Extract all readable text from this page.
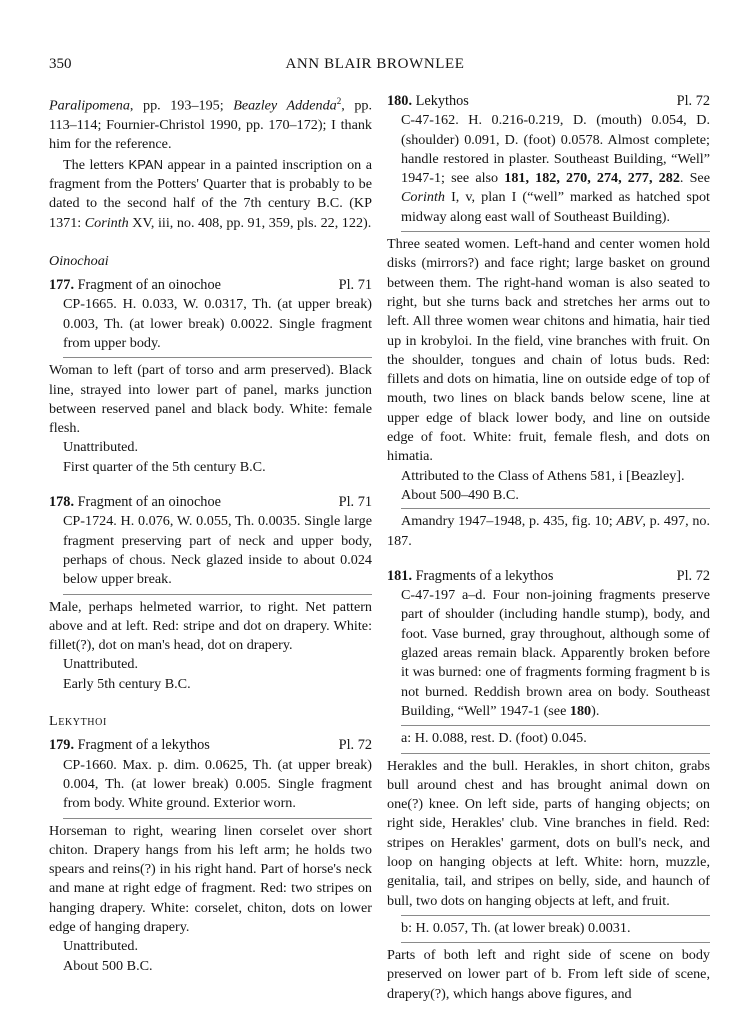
350	ANN BLAIR BROWNLEE

Paralipomena, pp. 193–195; Beazley Addenda$^2$, pp. 113–114; Fournier-Christol 1990, pp. 170–172); I thank him for the reference.

The letters KPAN appear in a painted inscription on a fragment from the Potters' Quarter that is probably to be dated to the second half of the 7th century B.C. (KP 1371: Corinth XV, iii, no. 408, pp. 91, 359, pls. 22, 122).

Oinochoai

177. Fragment of an oinochoe	Pl. 71

CP-1665. H. 0.033, W. 0.0317, Th. (at upper break) 0.003, Th. (at lower break) 0.0022. Single fragment from upper body.

Woman to left (part of torso and arm preserved). Black line, strayed into lower part of panel, marks junction between reserved panel and black body. White: female flesh.

Unattributed.

First quarter of the 5th century B.C.

178. Fragment of an oinochoe	Pl. 71

CP-1724. H. 0.076, W. 0.055, Th. 0.0035. Single large fragment preserving part of neck and upper body, perhaps of chous. Neck glazed inside to about 0.024 below upper break.

Male, perhaps helmeted warrior, to right. Net pattern above and at left. Red: stripe and dot on drapery. White: fillet(?), dot on man's head, dot on drapery.

Unattributed.

Early 5th century B.C.

Lekythoi

179. Fragment of a lekythos	Pl. 72

CP-1660. Max. p. dim. 0.0625, Th. (at upper break) 0.004, Th. (at lower break) 0.005. Single fragment from body. White ground. Exterior worn.

Horseman to right, wearing linen corselet over short chiton. Drapery hangs from his left arm; he holds two spears and reins(?) in his right hand. Part of horse's neck and mane at right edge of fragment. Red: two stripes on hanging drapery. White: corselet, chiton, dots on lower edge of hanging drapery.

Unattributed.

About 500 B.C.

180. Lekythos	Pl. 72

C-47-162. H. 0.216-0.219, D. (mouth) 0.054, D. (shoulder) 0.091, D. (foot) 0.0578. Almost complete; handle restored in plaster. Southeast Building, “Well” 1947-1; see also 181, 182, 270, 274, 277, 282. See Corinth I, v, plan I (“well” marked as hatched spot midway along east wall of Southeast Building).

Three seated women. Left-hand and center women hold disks (mirrors?) and face right; large basket on ground between them. The right-hand woman is also seated to right, but she turns back and stretches her arms out to left. All three women wear chitons and himatia, hair tied up in krobyloi. In the field, vine branches with fruit. On the shoulder, tongues and chain of lotus buds. Red: fillets and dots on himatia, line on outside edge of top of mouth, two lines on black bands below scene, line at upper edge of black lower body, and line on outside edge of foot. White: fruit, female flesh, and dots on himatia.

Attributed to the Class of Athens 581, i [Beazley].

About 500–490 B.C.

Amandry 1947–1948, p. 435, fig. 10; ABV, p. 497, no. 187.

181. Fragments of a lekythos	Pl. 72

C-47-197 a–d. Four non-joining fragments preserve part of shoulder (including handle stump), body, and foot. Vase burned, gray throughout, although some of glazed areas remain black. Apparently broken before it was burned: one of fragments forming fragment b is not burned. Reddish brown area on body. Southeast Building, “Well” 1947-1 (see 180).

a: H. 0.088, rest. D. (foot) 0.045.

Herakles and the bull. Herakles, in short chiton, grabs bull around chest and has brought animal down on one(?) knee. On left side, parts of hanging objects; on right side, Herakles' club. Vine branches in field. Red: stripes on Herakles' garment, dots on bull's neck, and loop on hanging objects at left. White: horn, muzzle, genitalia, tail, and stripes on belly, side, and haunch of bull, two dots on hanging objects at left, and fruit.

b: H. 0.057, Th. (at lower break) 0.0031.

Parts of both left and right side of scene on body preserved on lower part of b. From left side of scene, drapery(?), which hangs above figures, and
